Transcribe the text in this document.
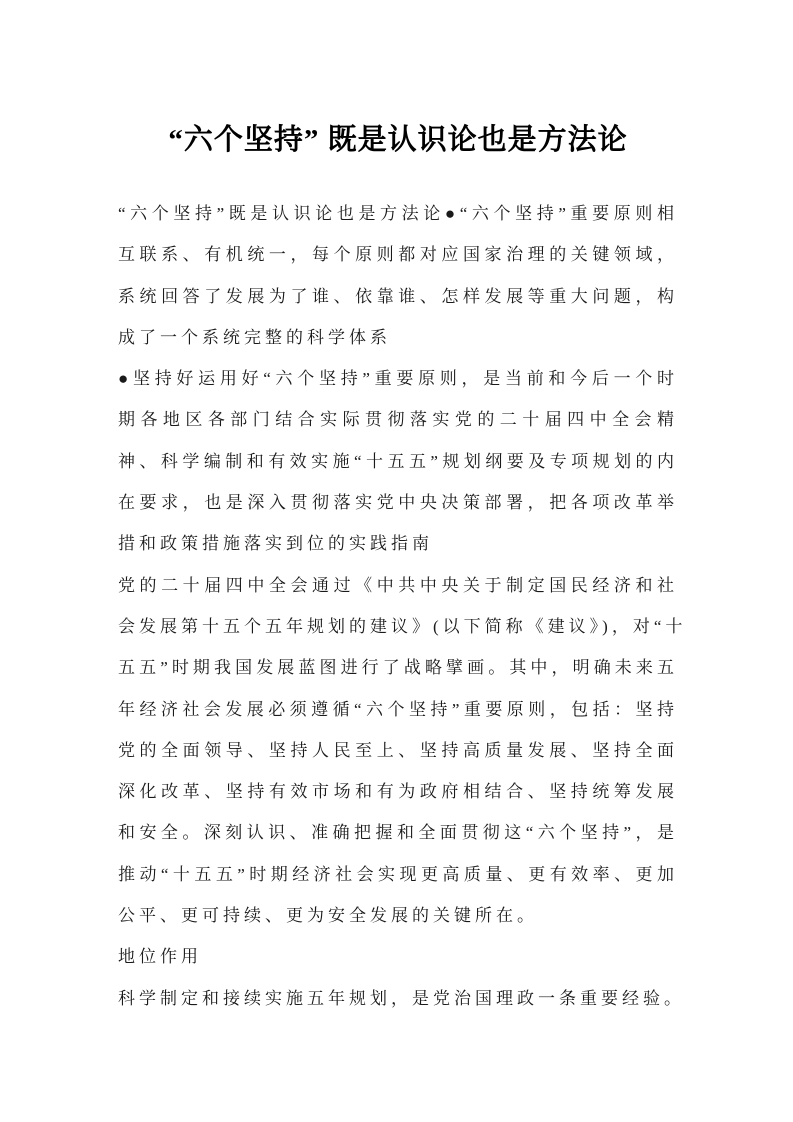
“六个坚持” 既是认识论也是方法论
“六个坚持”既是认识论也是方法论●“六个坚持”重要原则相
互联系、有机统一，每个原则都对应国家治理的关键领域，
系统回答了发展为了谁、依靠谁、怎样发展等重大问题，构
成了一个系统完整的科学体系
●坚持好运用好“六个坚持”重要原则，是当前和今后一个时
期各地区各部门结合实际贯彻落实党的二十届四中全会精
神、科学编制和有效实施“十五五”规划纲要及专项规划的内
在要求，也是深入贯彻落实党中央决策部署，把各项改革举
措和政策措施落实到位的实践指南
党的二十届四中全会通过《中共中央关于制定国民经济和社
会发展第十五个五年规划的建议》(以下简称《建议》)，对“十
五五”时期我国发展蓝图进行了战略擘画。其中，明确未来五
年经济社会发展必须遵循“六个坚持”重要原则，包括：坚持
党的全面领导、坚持人民至上、坚持高质量发展、坚持全面
深化改革、坚持有效市场和有为政府相结合、坚持统筹发展
和安全。深刻认识、准确把握和全面贯彻这“六个坚持”，是
推动“十五五”时期经济社会实现更高质量、更有效率、更加
公平、更可持续、更为安全发展的关键所在。
地位作用
科学制定和接续实施五年规划，是党治国理政一条重要经验。
